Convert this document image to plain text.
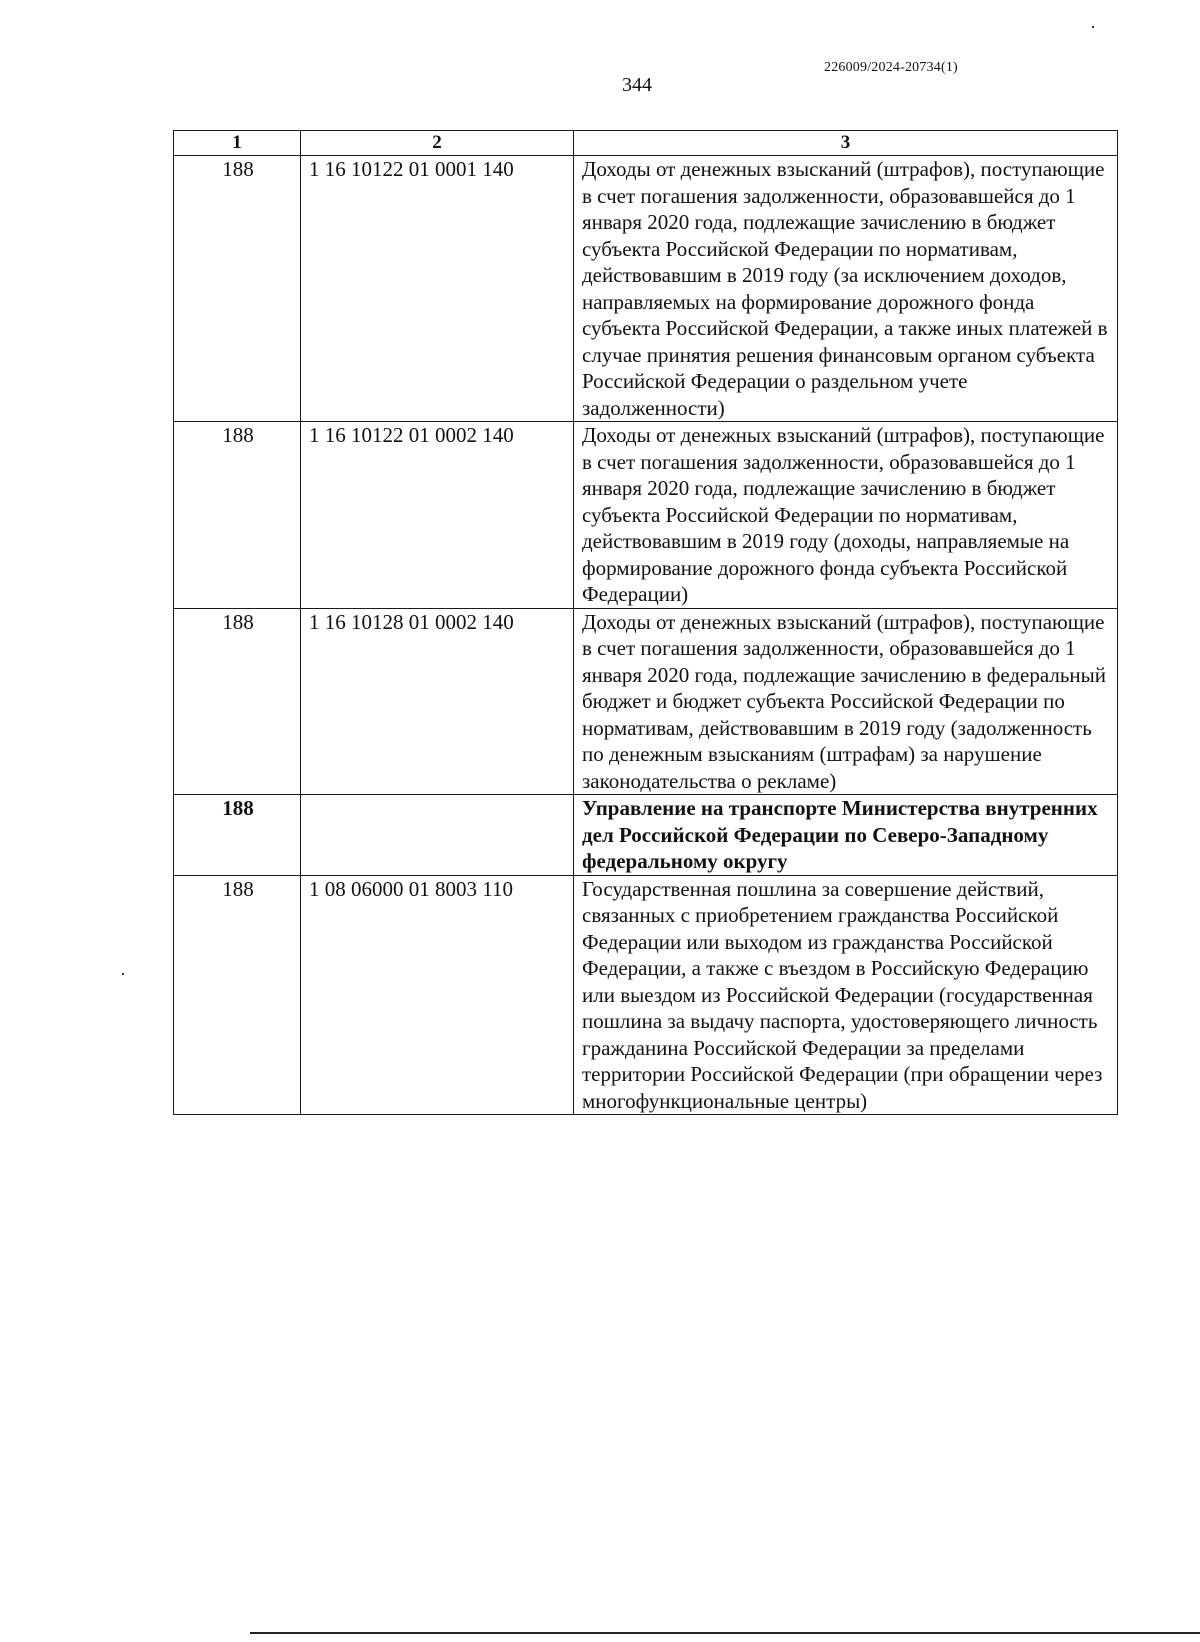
226009/2024-20734(1)
344
1	2	3
188	1 16 10122 01 0001 140	Доходы от денежных взысканий (штрафов), поступающие в счет погашения задолженности, образовавшейся до 1 января 2020 года, подлежащие зачислению в бюджет субъекта Российской Федерации по нормативам, действовавшим в 2019 году (за исключением доходов, направляемых на формирование дорожного фонда субъекта Российской Федерации, а также иных платежей в случае принятия решения финансовым органом субъекта Российской Федерации о раздельном учете задолженности)
188	1 16 10122 01 0002 140	Доходы от денежных взысканий (штрафов), поступающие в счет погашения задолженности, образовавшейся до 1 января 2020 года, подлежащие зачислению в бюджет субъекта Российской Федерации по нормативам, действовавшим в 2019 году (доходы, направляемые на формирование дорожного фонда субъекта Российской Федерации)
188	1 16 10128 01 0002 140	Доходы от денежных взысканий (штрафов), поступающие в счет погашения задолженности, образовавшейся до 1 января 2020 года, подлежащие зачислению в федеральный бюджет и бюджет субъекта Российской Федерации по нормативам, действовавшим в 2019 году (задолженность по денежным взысканиям (штрафам) за нарушение законодательства о рекламе)
188		Управление на транспорте Министерства внутренних дел Российской Федерации по Северо-Западному федеральному округу
188	1 08 06000 01 8003 110	Государственная пошлина за совершение действий, связанных с приобретением гражданства Российской Федерации или выходом из гражданства Российской Федерации, а также с въездом в Российскую Федерацию или выездом из Российской Федерации (государственная пошлина за выдачу паспорта, удостоверяющего личность гражданина Российской Федерации за пределами территории Российской Федерации (при обращении через многофункциональные центры)
